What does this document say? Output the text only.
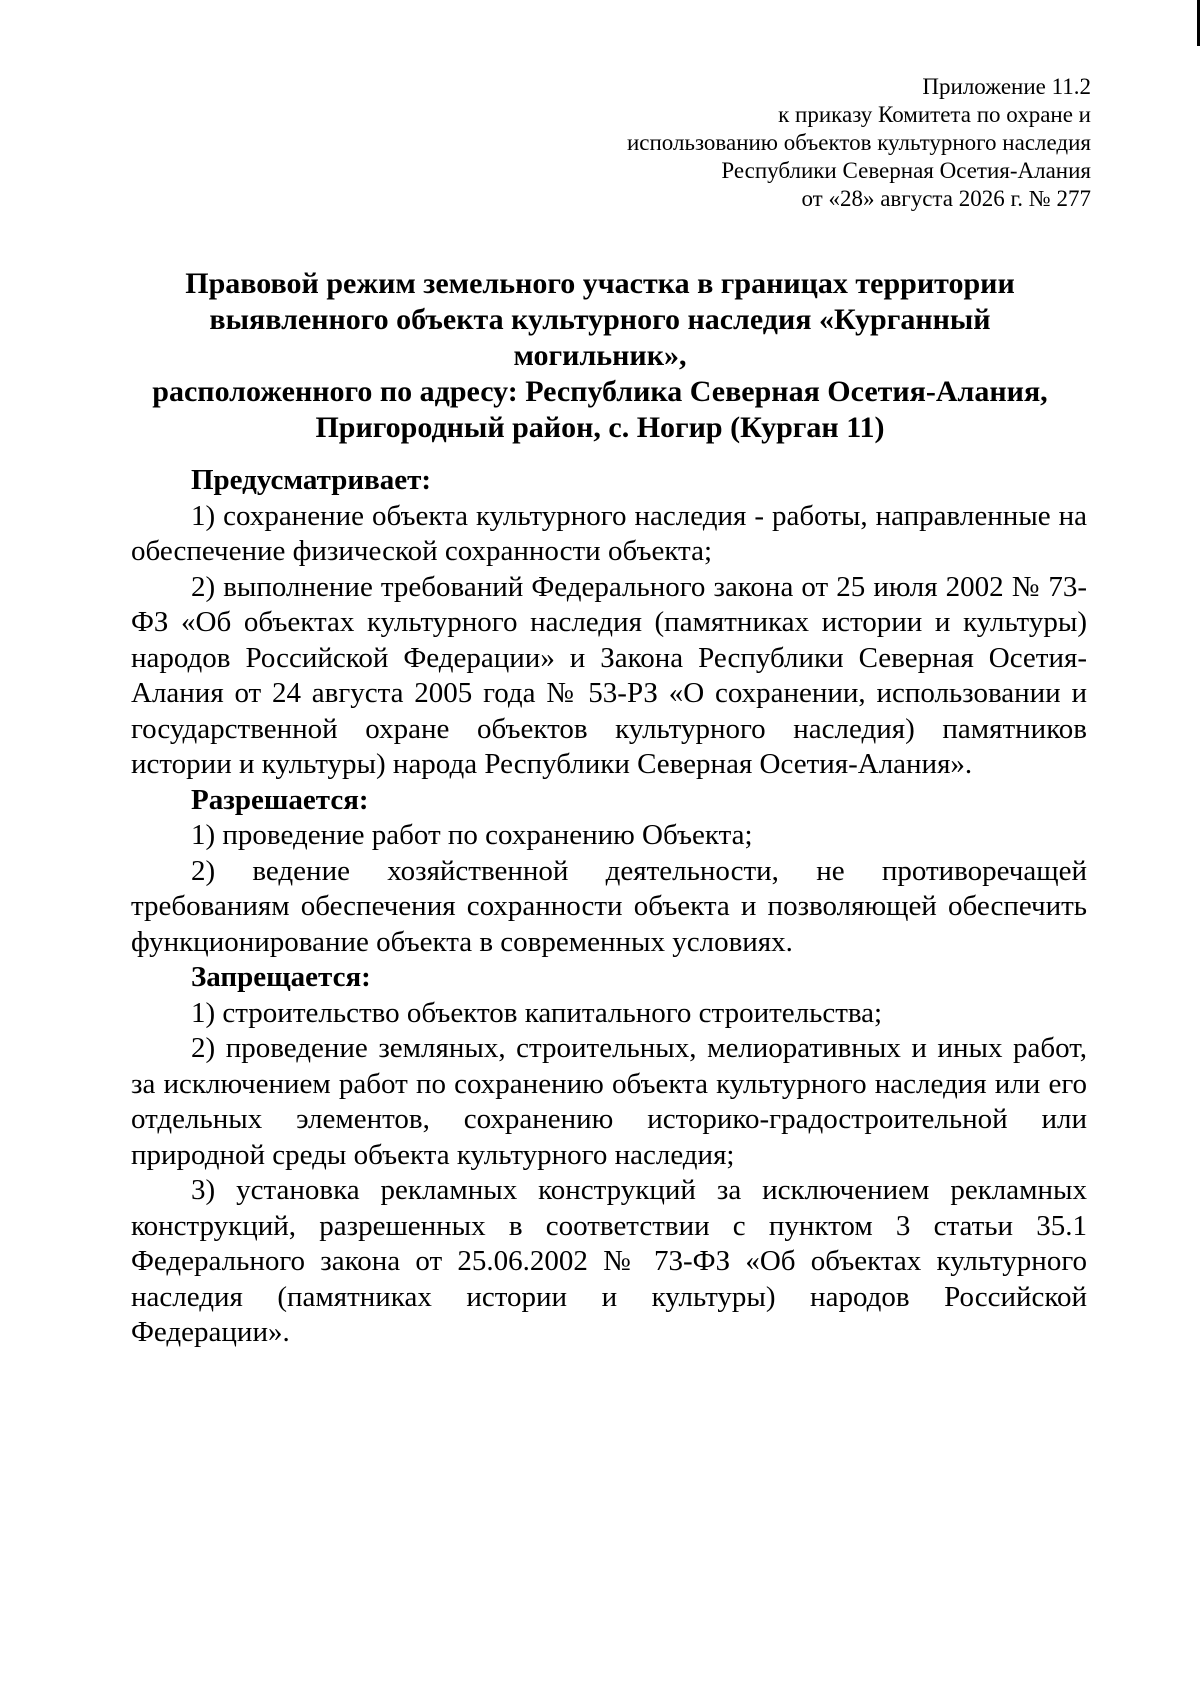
Приложение 11.2
к приказу Комитета по охране и
использованию объектов культурного наследия
Республики Северная Осетия-Алания
от «28» августа 2026 г. № 277
Правовой режим земельного участка в границах территории
выявленного объекта культурного наследия «Курганный могильник»,
расположенного по адресу: Республика Северная Осетия-Алания,
Пригородный район, с. Ногир (Курган 11)

Предусматривает:

1) сохранение объекта культурного наследия - работы, направленные на обеспечение физической сохранности объекта;

2) выполнение требований Федерального закона от 25 июля 2002 № 73-ФЗ «Об объектах культурного наследия (памятниках истории и культуры) народов Российской Федерации» и Закона Республики Северная Осетия-Алания от 24 августа 2005 года № 53-РЗ «О сохранении, использовании и государственной охране объектов культурного наследия) памятников истории и культуры) народа Республики Северная Осетия-Алания».

Разрешается:

1) проведение работ по сохранению Объекта;

2) ведение хозяйственной деятельности, не противоречащей требованиям обеспечения сохранности объекта и позволяющей обеспечить функционирование объекта в современных условиях.

Запрещается:

1) строительство объектов капитального строительства;

2) проведение земляных, строительных, мелиоративных и иных работ, за исключением работ по сохранению объекта культурного наследия или его отдельных элементов, сохранению историко-градостроительной или природной среды объекта культурного наследия;

3) установка рекламных конструкций за исключением рекламных конструкций, разрешенных в соответствии с пунктом 3 статьи 35.1 Федерального закона от 25.06.2002 № 73-ФЗ «Об объектах культурного наследия (памятниках истории и культуры) народов Российской Федерации».
